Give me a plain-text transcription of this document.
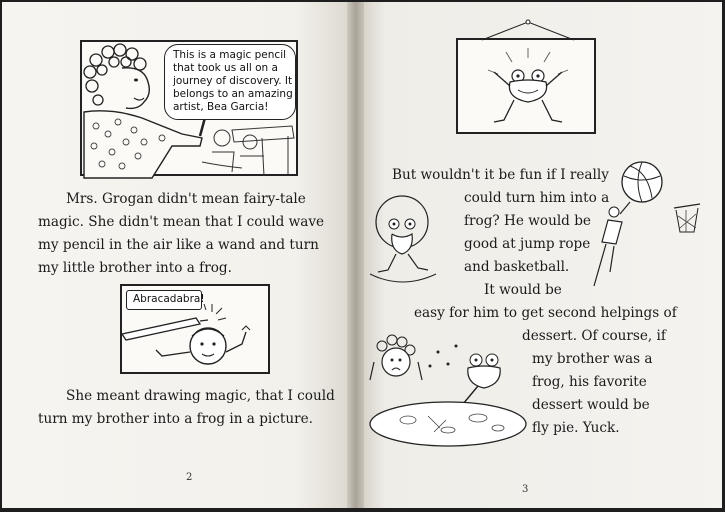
This is a magic pencil
that took us all on a
journey of discovery. It
belongs to an amazing
artist, Bea Garcia!
Mrs. Grogan didn't mean fairy-tale
magic. She didn't mean that I could wave
my pencil in the air like a wand and turn
my little brother into a frog.
Abracadabra!
She meant drawing magic, that I could
turn my brother into a frog in a picture.
2
But wouldn't it be fun if I really
could turn him into a
frog? He would be
good at jump rope
and basketball.
It would be
easy for him to get second helpings of
dessert. Of course, if
my brother was a
frog, his favorite
dessert would be
fly pie. Yuck.
3
